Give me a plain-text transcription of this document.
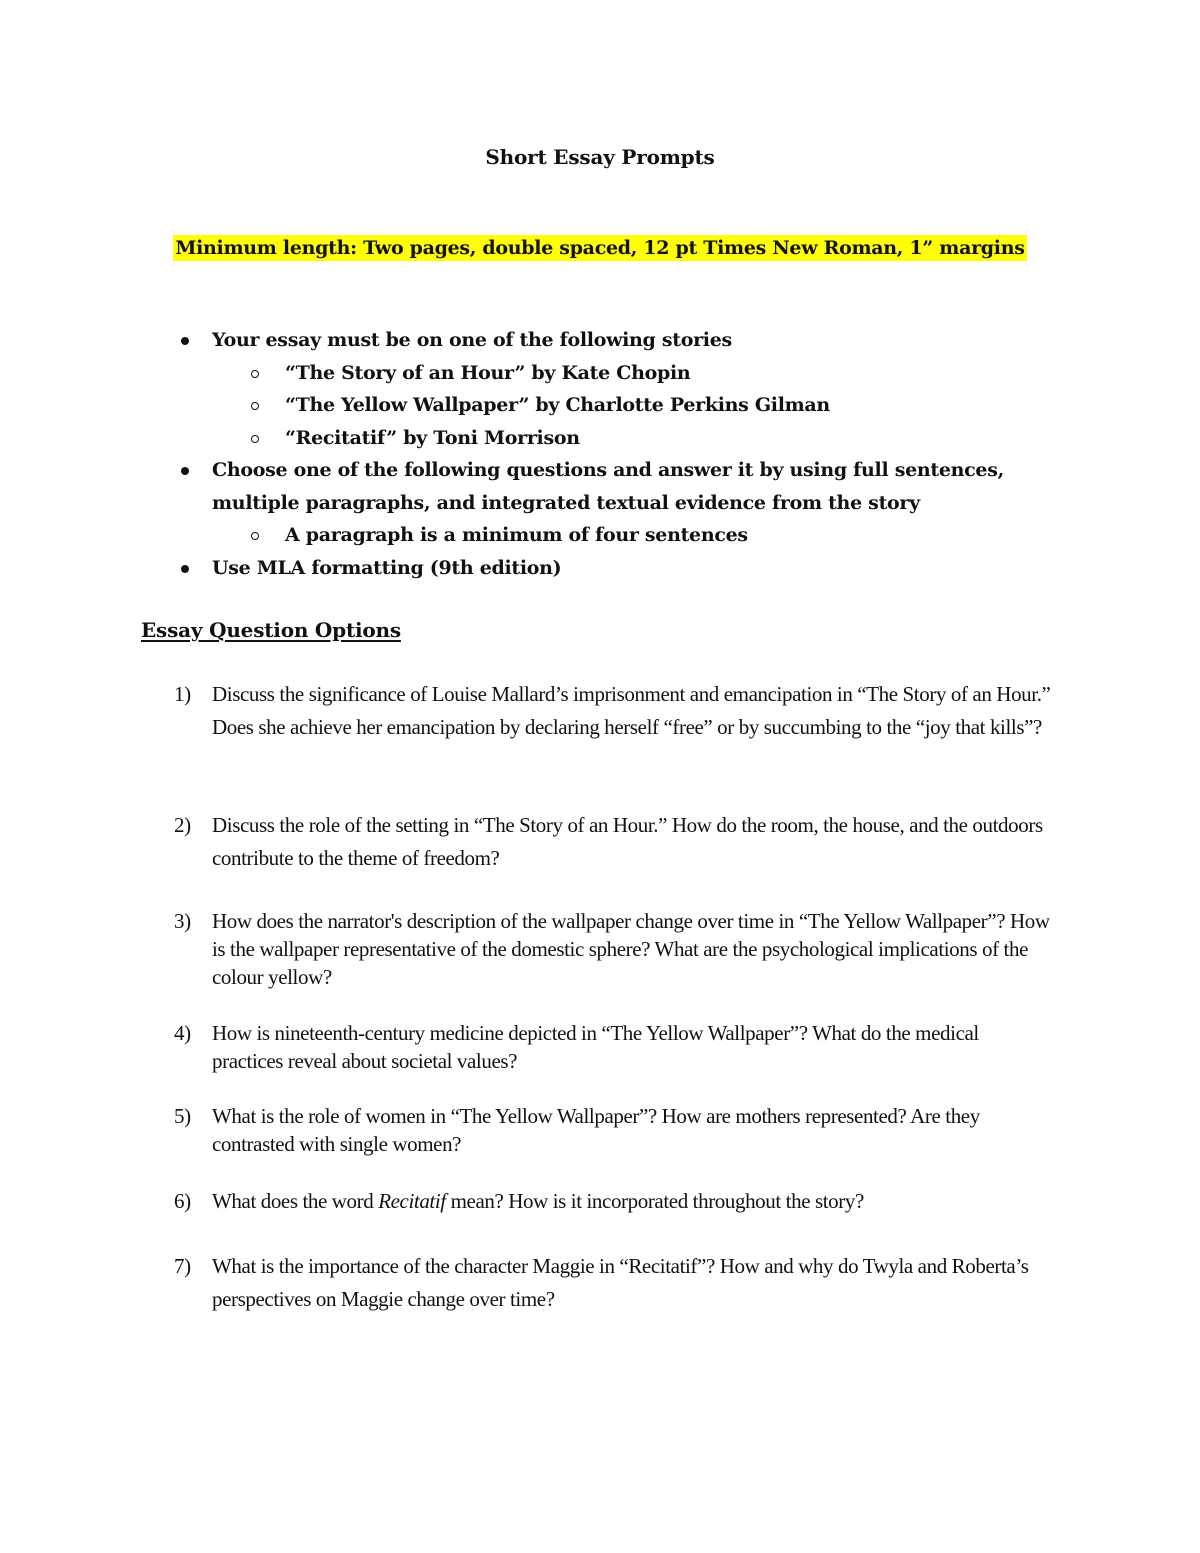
Short Essay Prompts
Minimum length: Two pages, double spaced, 12 pt Times New Roman, 1” margins
Your essay must be on one of the following stories
“The Story of an Hour” by Kate Chopin
“The Yellow Wallpaper” by Charlotte Perkins Gilman
“Recitatif” by Toni Morrison
Choose one of the following questions and answer it by using full sentences, multiple paragraphs, and integrated textual evidence from the story
A paragraph is a minimum of four sentences
Use MLA formatting (9th edition)
Essay Question Options
1) Discuss the significance of Louise Mallard’s imprisonment and emancipation in “The Story of an Hour.” Does she achieve her emancipation by declaring herself “free” or by succumbing to the “joy that kills”?
2) Discuss the role of the setting in “The Story of an Hour.” How do the room, the house, and the outdoors contribute to the theme of freedom?
3) How does the narrator's description of the wallpaper change over time in “The Yellow Wallpaper”? How is the wallpaper representative of the domestic sphere? What are the psychological implications of the colour yellow?
4) How is nineteenth-century medicine depicted in “The Yellow Wallpaper”? What do the medical practices reveal about societal values?
5) What is the role of women in “The Yellow Wallpaper”? How are mothers represented? Are they contrasted with single women?
6) What does the word Recitatif mean? How is it incorporated throughout the story?
7) What is the importance of the character Maggie in “Recitatif”? How and why do Twyla and Roberta’s perspectives on Maggie change over time?
